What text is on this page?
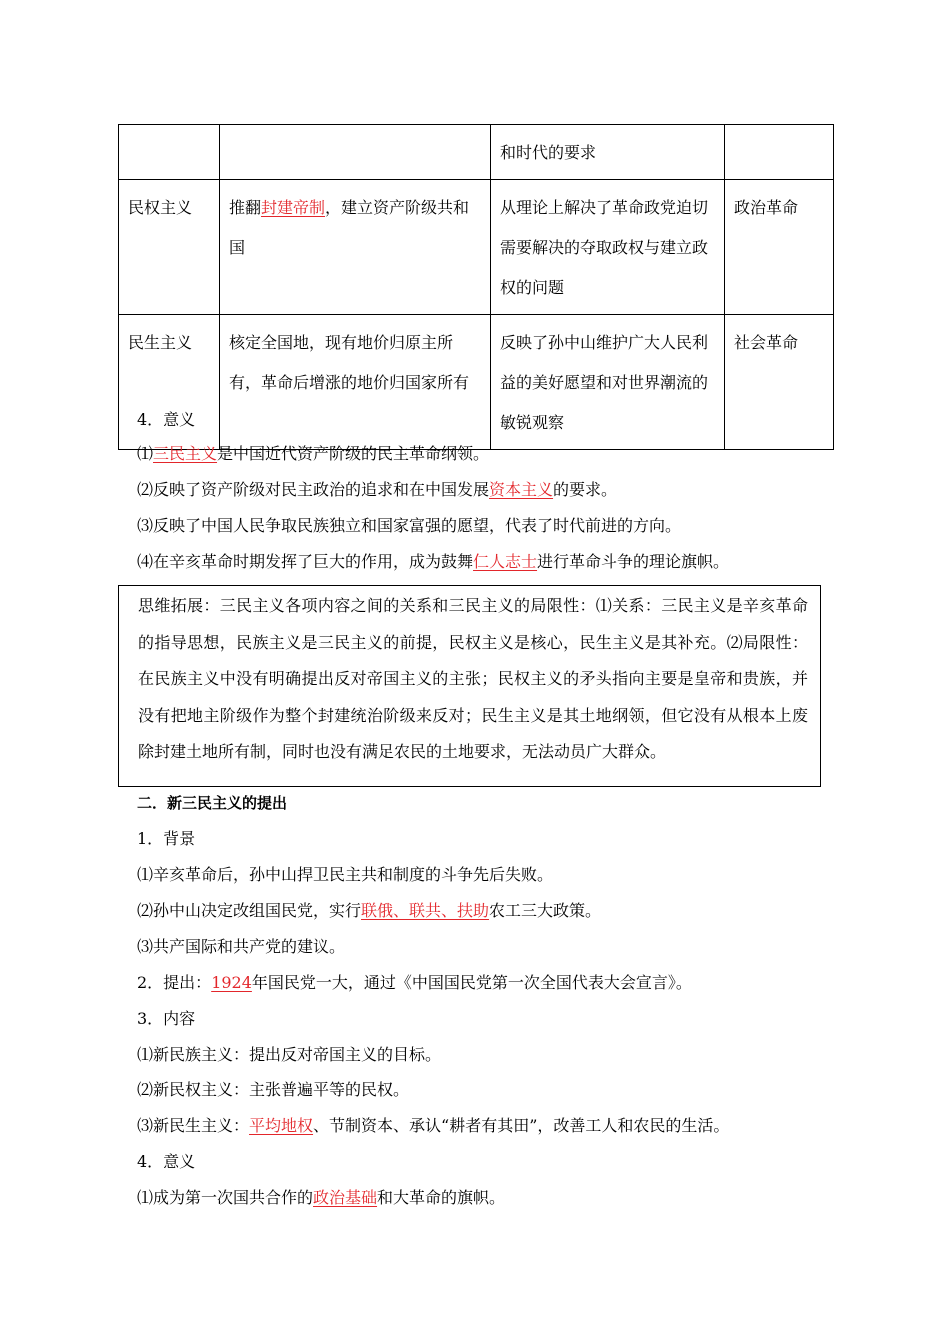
		和时代的要求	
民权主义	推翻封建帝制，建立资产阶级共和国	从理论上解决了革命政党迫切需要解决的夺取政权与建立政权的问题	政治革命
民生主义	核定全国地，现有地价归原主所有，革命后增涨的地价归国家所有	反映了孙中山维护广大人民利益的美好愿望和对世界潮流的敏锐观察	社会革命
4．意义
⑴三民主义是中国近代资产阶级的民主革命纲领。
⑵反映了资产阶级对民主政治的追求和在中国发展资本主义的要求。
⑶反映了中国人民争取民族独立和国家富强的愿望，代表了时代前进的方向。
⑷在辛亥革命时期发挥了巨大的作用，成为鼓舞仁人志士进行革命斗争的理论旗帜。
思维拓展：三民主义各项内容之间的关系和三民主义的局限性：⑴关系：三民主义是辛亥革命的指导思想，民族主义是三民主义的前提，民权主义是核心，民生主义是其补充。⑵局限性：在民族主义中没有明确提出反对帝国主义的主张；民权主义的矛头指向主要是皇帝和贵族，并没有把地主阶级作为整个封建统治阶级来反对；民生主义是其土地纲领，但它没有从根本上废除封建土地所有制，同时也没有满足农民的土地要求，无法动员广大群众。
二．新三民主义的提出
1．背景
⑴辛亥革命后，孙中山捍卫民主共和制度的斗争先后失败。
⑵孙中山决定改组国民党，实行联俄、联共、扶助农工三大政策。
⑶共产国际和共产党的建议。
2．提出：1924年国民党一大，通过《中国国民党第一次全国代表大会宣言》。
3．内容
⑴新民族主义：提出反对帝国主义的目标。
⑵新民权主义：主张普遍平等的民权。
⑶新民生主义：平均地权、节制资本、承认“耕者有其田”，改善工人和农民的生活。
4．意义
⑴成为第一次国共合作的政治基础和大革命的旗帜。
